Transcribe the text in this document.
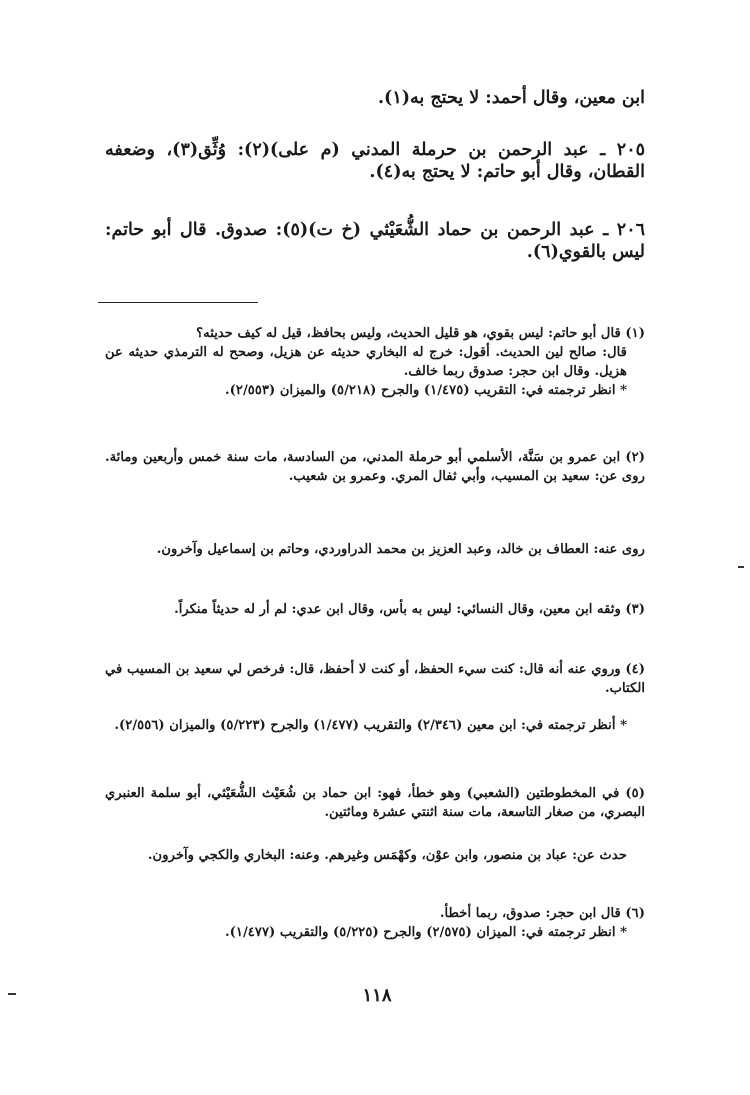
ابن معين، وقال أحمد: لا يحتج به(١).

٢٠٥ ـ عبد الرحمن بن حرملة المدني (م على)(٢): وُثِّق(٣)، وضعفه القطان، وقال أبو حاتم: لا يحتج به(٤).

٢٠٦ ـ عبد الرحمن بن حماد الشُّعَيْثي (خ ت)(٥): صدوق. قال أبو حاتم: ليس بالقوي(٦).

(١) قال أبو حاتم: ليس بقوي، هو قليل الحديث، وليس بحافظ، قيل له كيف حديثه؟

قال: صالح لين الحديث. أقول: خرج له البخاري حديثه عن هزيل، وصحح له الترمذي حديثه عن هزيل. وقال ابن حجر: صدوق ربما خالف.

* انظر ترجمته في: التقريب (١/٤٧٥) والجرح (٥/٢١٨) والميزان (٢/٥٥٣).

(٢) ابن عمرو بن سَنَّة، الأسلمي أبو حرملة المدني، من السادسة، مات سنة خمس وأربعين ومائة. روى عن: سعيد بن المسيب، وأبي ثفال المري. وعمرو بن شعيب.

روى عنه: العطاف بن خالد، وعبد العزيز بن محمد الدراوردي، وحاتم بن إسماعيل وآخرون.

(٣) وثقه ابن معين، وقال النسائي: ليس به بأس، وقال ابن عدي: لم أر له حديثاً منكراً.

(٤) وروي عنه أنه قال: كنت سيء الحفظ، أو كنت لا أحفظ، قال: فرخص لي سعيد بن المسيب في الكتاب.

* أنظر ترجمته في: ابن معين (٢/٣٤٦) والتقريب (١/٤٧٧) والجرح (٥/٢٢٣) والميزان (٢/٥٥٦).

(٥) في المخطوطتين (الشعبي) وهو خطأ، فهو: ابن حماد بن شُعَيْث الشُّعَيْثي، أبو سلمة العنبري البصري، من صغار التاسعة، مات سنة اثنتي عشرة ومائتين.

حدث عن: عباد بن منصور، وابن عوْن، وكهْمَس وغيرهم. وعنه: البخاري والكجي وآخرون.

(٦) قال ابن حجر: صدوق، ربما أخطأ.

* انظر ترجمته في: الميزان (٢/٥٧٥) والجرح (٥/٢٢٥) والتقريب (١/٤٧٧).

١١٨
